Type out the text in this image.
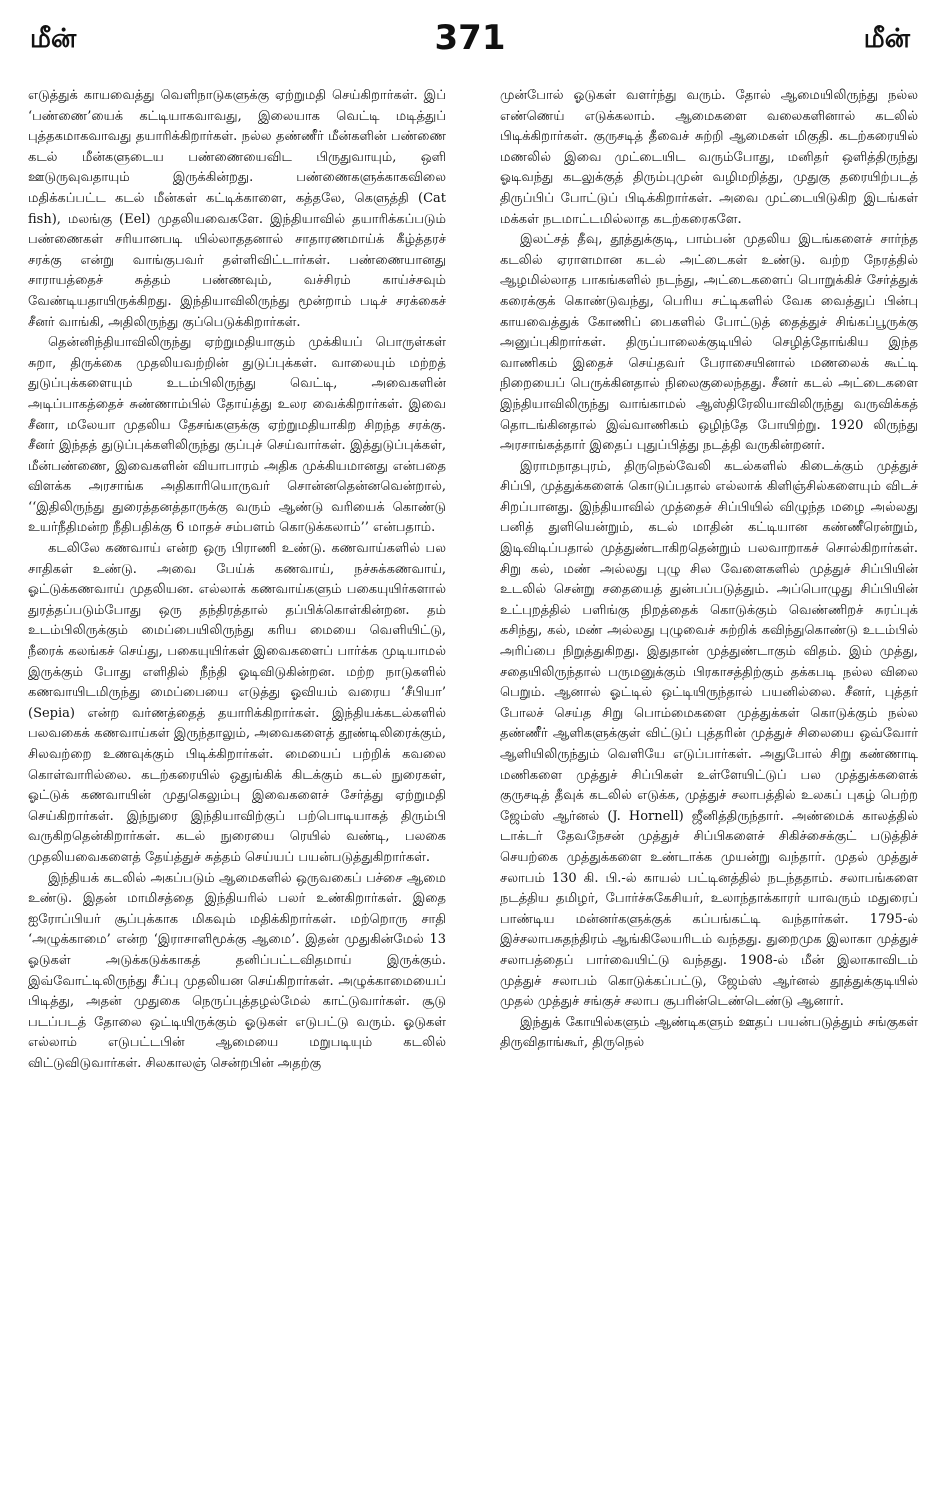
மீன்	371	மீன்

எடுத்துக் காயவைத்து வெளிநாடுகளுக்கு ஏற்றுமதி செய்கிறார்கள். இப் ‘பண்ணை’யைக் கட்டியாகவாவது, இலையாக வெட்டி மடித்துப் புத்தகமாகவாவது தயாரிக்கிறார்கள். நல்ல தண்ணீர் மீன்களின் பண்ணை கடல் மீன்களுடைய பண்ணையைவிட பிருதுவாயும், ஒளி ஊடுருவுவதாயும் இருக்கின்றது. பண்ணைகளுக்காகவிலை மதிக்கப்பட்ட கடல் மீன்கள் கட்டிக்காளை, கத்தலே, கெளுத்தி (Cat fish), மலங்கு (Eel) முதலியவைகளே. இந்தியாவில் தயாரிக்கப்படும் பண்ணைகள் சரியானபடி யில்லாததனால் சாதாரணமாய்க் கீழ்த்தரச் சரக்கு என்று வாங்குபவர் தள்ளிவிட்டார்கள். பண்ணையானது சாராயத்தைச் சுத்தம் பண்ணவும், வச்சிரம் காய்ச்சவும் வேண்டியதாயிருக்கிறது. இந்தியாவிலிருந்து மூன்றாம் படிச் சரக்கைச் சீனர் வாங்கி, அதிலிருந்து குப்பெடுக்கிறார்கள்.

தென்னிந்தியாவிலிருந்து ஏற்றுமதியாகும் முக்கியப் பொருள்கள் சுறா, திருக்கை முதலியவற்றின் துடுப்புக்கள். வாலையும் மற்றத் துடுப்புக்களையும் உடம்பிலிருந்து வெட்டி, அவைகளின் அடிப்பாகத்தைச் சுண்ணாம்பில் தோய்த்து உலர வைக்கிறார்கள். இவை சீனா, மலேயா முதலிய தேசங்களுக்கு ஏற்றுமதியாகிற சிறந்த சரக்கு. சீனர் இந்தத் துடுப்புக்களிலிருந்து குப்புச் செய்வார்கள். இத்துடுப்புக்கள், மீன்பண்ணை, இவைகளின் வியாபாரம் அதிக முக்கியமானது என்பதை விளக்க அரசாங்க அதிகாரியொருவர் சொன்னதென்னவென்றால், ‘‘இதிலிருந்து துரைத்தனத்தாருக்கு வரும் ஆண்டு வரியைக் கொண்டு உயர்நீதிமன்ற நீதிபதிக்கு 6 மாதச் சம்பளம் கொடுக்கலாம்’’ என்பதாம்.

கடலிலே கணவாய் என்ற ஒரு பிராணி உண்டு. கணவாய்களில் பல சாதிகள் உண்டு. அவை பேய்க் கணவாய், நச்சுக்கணவாய், ஓட்டுக்கணவாய் முதலியன. எல்லாக் கணவாய்களும் பகையுயிர்களால் துரத்தப்படும்போது ஒரு தந்திரத்தால் தப்பிக்கொள்கின்றன. தம் உடம்பிலிருக்கும் மைப்பையிலிருந்து கரிய மையை வெளியிட்டு, நீரைக் கலங்கச் செய்து, பகையுயிர்கள் இவைகளைப் பார்க்க முடியாமல் இருக்கும் போது எளிதில் நீந்தி ஓடிவிடுகின்றன. மற்ற நாடுகளில் கணவாயிடமிருந்து மைப்பையை எடுத்து ஓவியம் வரைய ‘சீபியா’ (Sepia) என்ற வர்ணத்தைத் தயாரிக்கிறார்கள். இந்தியக்கடல்களில் பலவகைக் கணவாய்கள் இருந்தாலும், அவைகளைத் தூண்டிலிரைக்கும், சிலவற்றை உணவுக்கும் பிடிக்கிறார்கள். மையைப் பற்றிக் கவலை கொள்வாரில்லை. கடற்கரையில் ஒதுங்கிக் கிடக்கும் கடல் நுரைகள், ஓட்டுக் கணவாயின் முதுகெலும்பு இவைகளைச் சேர்த்து ஏற்றுமதி செய்கிறார்கள். இந்நுரை இந்தியாவிற்குப் பற்பொடியாகத் திரும்பி வருகிறதென்கிறார்கள். கடல் நுரையை ரெயில் வண்டி, பலகை முதலியவைகளைத் தேய்த்துச் சுத்தம் செய்யப் பயன்படுத்துகிறார்கள்.

இந்தியக் கடலில் அகப்படும் ஆமைகளில் ஒருவகைப் பச்சை ஆமை உண்டு. இதன் மாமிசத்தை இந்தியரில் பலர் உண்கிறார்கள். இதை ஐரோப்பியர் சூப்புக்காக மிகவும் மதிக்கிறார்கள். மற்றொரு சாதி ‘அழுக்காமை’ என்ற ‘இராசாளிமூக்கு ஆமை’. இதன் முதுகின்மேல் 13 ஓடுகள் அடுக்கடுக்காகத் தனிப்பட்டவிதமாய் இருக்கும். இவ்வோட்டிலிருந்து சீப்பு முதலியன செய்கிறார்கள். அழுக்காமையைப் பிடித்து, அதன் முதுகை நெருப்புத்தழல்மேல் காட்டுவார்கள். சூடு படப்படத் தோலை ஒட்டியிருக்கும் ஓடுகள் எடுபட்டு வரும். ஓடுகள் எல்லாம் எடுபட்டபின் ஆமையை மறுபடியும் கடலில் விட்டுவிடுவார்கள். சிலகாலஞ் சென்றபின் அதற்கு

முன்போல் ஓடுகள் வளர்ந்து வரும். தோல் ஆமையிலிருந்து நல்ல எண்ணெய் எடுக்கலாம். ஆமைகளை வலைகளினால் கடலில் பிடிக்கிறார்கள். குருசடித் தீவைச் சுற்றி ஆமைகள் மிகுதி. கடற்கரையில் மணலில் இவை முட்டையிட வரும்போது, மனிதர் ஒளித்திருந்து ஓடிவந்து கடலுக்குத் திரும்புமுன் வழிமறித்து, முதுகு தரையிற்படத் திருப்பிப் போட்டுப் பிடிக்கிறார்கள். அவை முட்டையிடுகிற இடங்கள் மக்கள் நடமாட்டமில்லாத கடற்கரைகளே.

இலட்சத் தீவு, தூத்துக்குடி, பாம்பன் முதலிய இடங்களைச் சார்ந்த கடலில் ஏராளமான கடல் அட்டைகள் உண்டு. வற்ற நேரத்தில் ஆழமில்லாத பாகங்களில் நடந்து, அட்டைகளைப் பொறுக்கிச் சேர்த்துக் கரைக்குக் கொண்டுவந்து, பெரிய சட்டிகளில் வேக வைத்துப் பின்பு காயவைத்துக் கோணிப் பைகளில் போட்டுத் தைத்துச் சிங்கப்பூருக்கு அனுப்புகிறார்கள். திருப்பாலைக்குடியில் செழித்தோங்கிய இந்த வாணிகம் இதைச் செய்தவர் பேராசையினால் மணலைக் கூட்டி நிறையைப் பெருக்கினதால் நிலைகுலைந்தது. சீனர் கடல் அட்டைகளை இந்தியாவிலிருந்து வாங்காமல் ஆஸ்திரேலியாவிலிருந்து வருவிக்கத் தொடங்கினதால் இவ்வாணிகம் ஒழிந்தே போயிற்று. 1920 லிருந்து அரசாங்கத்தார் இதைப் புதுப்பித்து நடத்தி வருகின்றனர்.

இராமநாதபுரம், திருநெல்வேலி கடல்களில் கிடைக்கும் முத்துச் சிப்பி, முத்துக்களைக் கொடுப்பதால் எல்லாக் கிளிஞ்சில்களையும் விடச் சிறப்பானது. இந்தியாவில் முத்தைச் சிப்பியில் விழுந்த மழை அல்லது பனித் துளியென்றும், கடல் மாதின் கட்டியான கண்ணீரென்றும், இடிவிடிப்பதால் முத்துண்டாகிறதென்றும் பலவாறாகச் சொல்கிறார்கள். சிறு கல், மண் அல்லது புழு சில வேளைகளில் முத்துச் சிப்பியின் உடலில் சென்று சதையைத் துன்பப்படுத்தும். அப்பொழுது சிப்பியின் உட்புறத்தில் பளிங்கு நிறத்தைக் கொடுக்கும் வெண்ணிறச் சுரப்புக் கசிந்து, கல், மண் அல்லது புழுவைச் சுற்றிக் கவிந்துகொண்டு உடம்பில் அரிப்பை நிறுத்துகிறது. இதுதான் முத்துண்டாகும் விதம். இம் முத்து, சதையிலிருந்தால் பருமனுக்கும் பிரகாசத்திற்கும் தக்கபடி நல்ல விலை பெறும். ஆனால் ஓட்டில் ஒட்டியிருந்தால் பயனில்லை. சீனர், புத்தர் போலச் செய்த சிறு பொம்மைகளை முத்துக்கள் கொடுக்கும் நல்ல தண்ணீர் ஆளிகளுக்குள் விட்டுப் புத்தரின் முத்துச் சிலையை ஒவ்வோர் ஆளியிலிருந்தும் வெளியே எடுப்பார்கள். அதுபோல் சிறு கண்ணாடி மணிகளை முத்துச் சிப்பிகள் உள்ளேயிட்டுப் பல முத்துக்களைக் குருசடித் தீவுக் கடலில் எடுக்க, முத்துச் சலாபத்தில் உலகப் புகழ் பெற்ற ஜேம்ஸ் ஆர்னல் (J. Hornell) ஜீனித்திருந்தார். அண்மைக் காலத்தில் டாக்டர் தேவநேசன் முத்துச் சிப்பிகளைச் சிகிச்சைக்குட் படுத்திச் செயற்கை முத்துக்களை உண்டாக்க முயன்று வந்தார். முதல் முத்துச் சலாபம் 130 கி. பி.-ல் காயல் பட்டினத்தில் நடந்ததாம். சலாபங்களை நடத்திய தமிழர், போர்ச்சுகேசியர், உலாந்தாக்காரர் யாவரும் மதுரைப் பாண்டிய மன்னர்களுக்குக் கப்பங்கட்டி வந்தார்கள். 1795-ல் இச்சலாபசுதந்திரம் ஆங்கிலேயரிடம் வந்தது. துறைமுக இலாகா முத்துச் சலாபத்தைப் பார்வையிட்டு வந்தது. 1908-ல் மீன் இலாகாவிடம் முத்துச் சலாபம் கொடுக்கப்பட்டு, ஜேம்ஸ் ஆர்னல் தூத்துக்குடியில் முதல் முத்துச் சங்குச் சலாப சூபரின்டெண்டெண்டு ஆனார்.

இந்துக் கோயில்களும் ஆண்டிகளும் ஊதப் பயன்படுத்தும் சங்குகள் திருவிதாங்கூர், திருநெல்
